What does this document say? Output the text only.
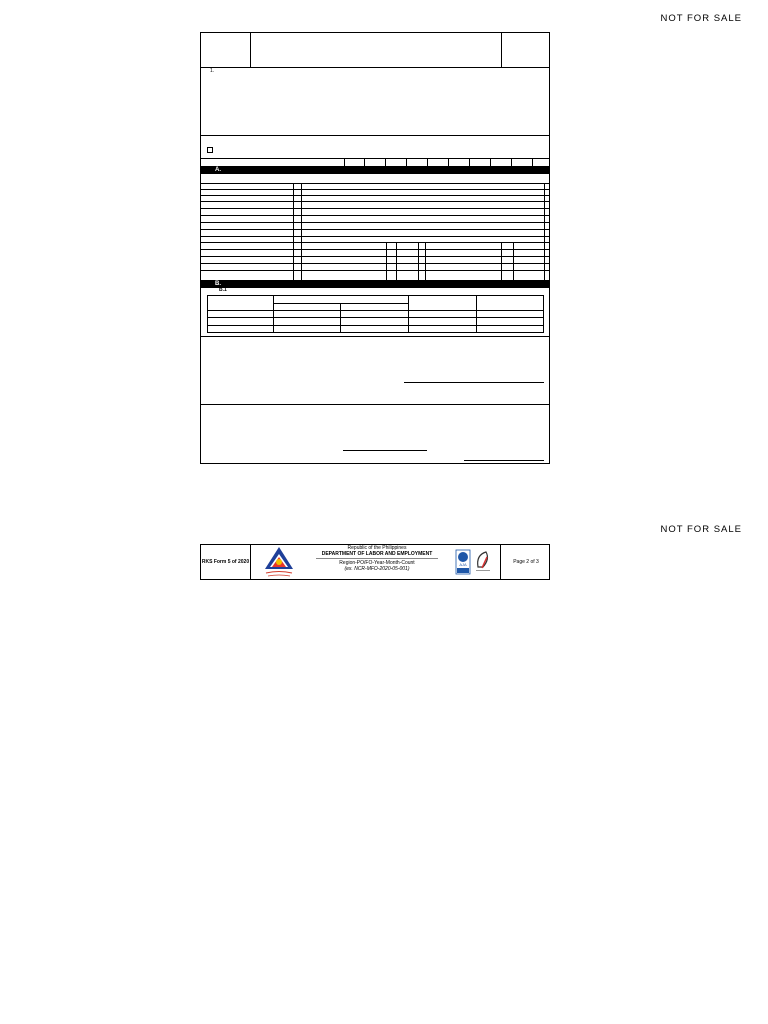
NOT FOR SALE
NOT FOR SALE
1.
A.
B.
B.1
RKS Form 5 of 2020
Republic of the Philippines
DEPARTMENT OF LABOR AND EMPLOYMENT
Region-PO/FO-Year-Month-Count
(ex. NCR-MFO-2020-05-001)
AJA	Page 2 of 3
